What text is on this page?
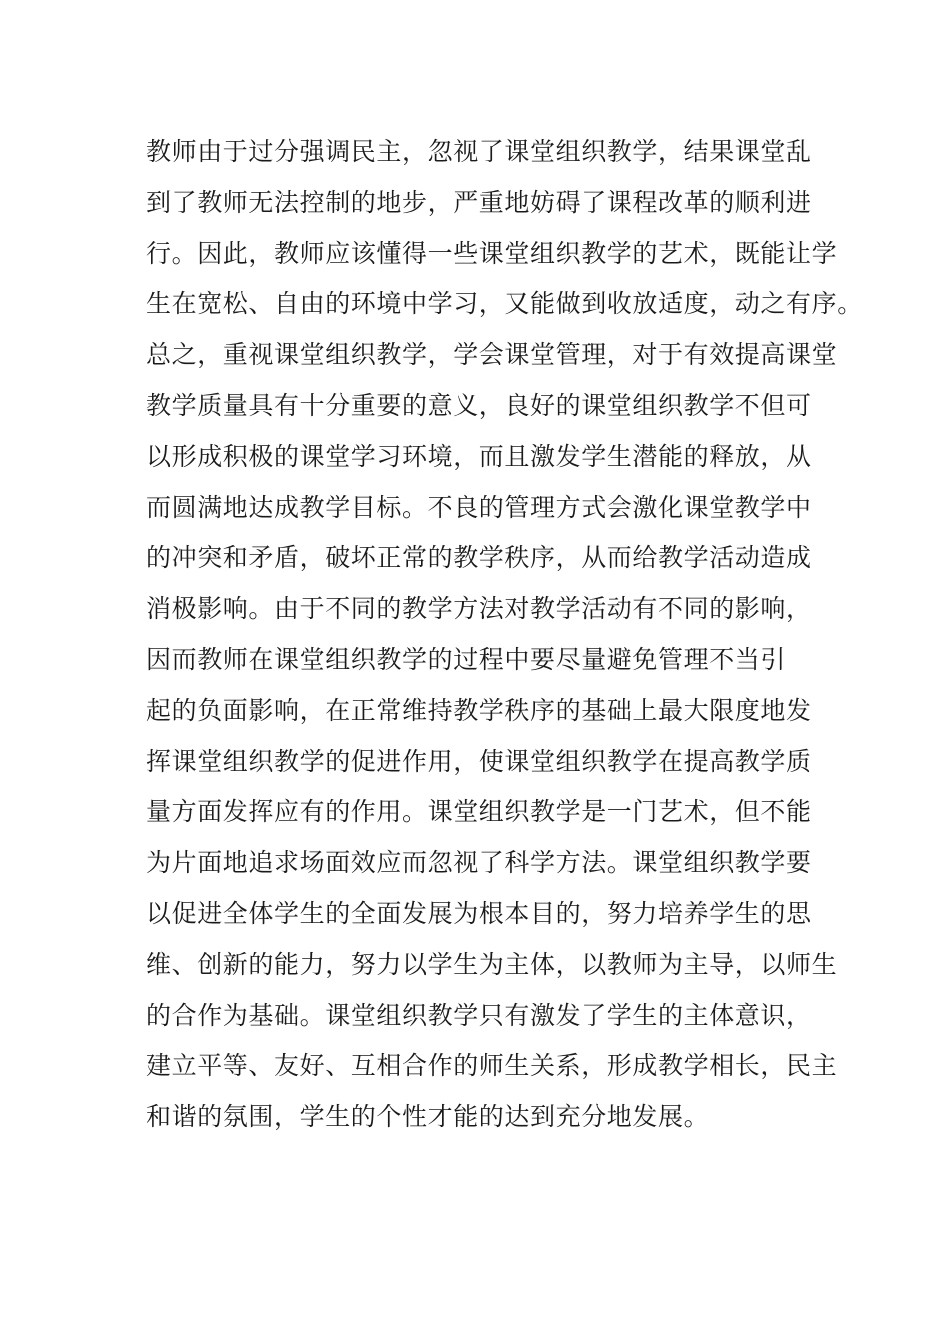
教师由于过分强调民主，忽视了课堂组织教学，结果课堂乱
到了教师无法控制的地步，严重地妨碍了课程改革的顺利进
行。因此，教师应该懂得一些课堂组织教学的艺术，既能让学
生在宽松、自由的环境中学习，又能做到收放适度，动之有序。
总之，重视课堂组织教学，学会课堂管理，对于有效提高课堂
教学质量具有十分重要的意义，良好的课堂组织教学不但可
以形成积极的课堂学习环境，而且激发学生潜能的释放，从
而圆满地达成教学目标。不良的管理方式会激化课堂教学中
的冲突和矛盾，破坏正常的教学秩序，从而给教学活动造成
消极影响。由于不同的教学方法对教学活动有不同的影响，
因而教师在课堂组织教学的过程中要尽量避免管理不当引
起的负面影响，在正常维持教学秩序的基础上最大限度地发
挥课堂组织教学的促进作用，使课堂组织教学在提高教学质
量方面发挥应有的作用。课堂组织教学是一门艺术，但不能
为片面地追求场面效应而忽视了科学方法。课堂组织教学要
以促进全体学生的全面发展为根本目的，努力培养学生的思
维、创新的能力，努力以学生为主体，以教师为主导，以师生
的合作为基础。课堂组织教学只有激发了学生的主体意识，
建立平等、友好、互相合作的师生关系，形成教学相长，民主
和谐的氛围，学生的个性才能的达到充分地发展。
